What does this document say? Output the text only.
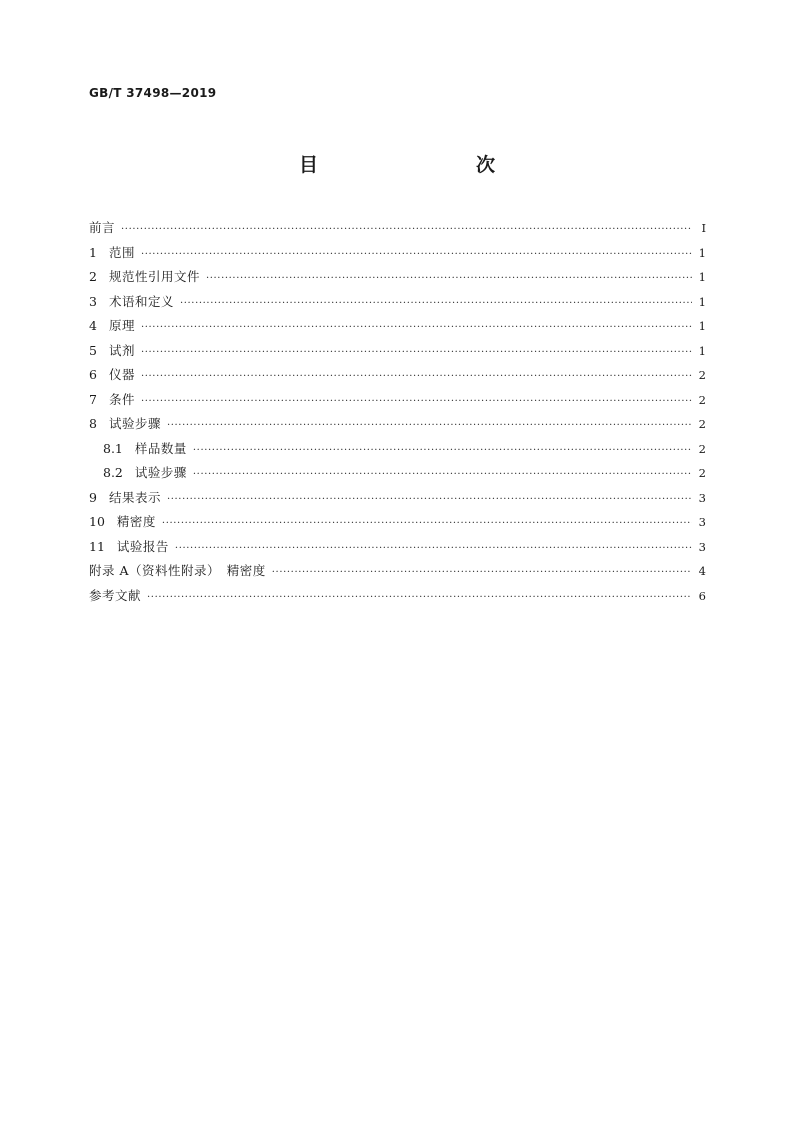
GB/T 37498—2019
目　　次
前言 ·····	Ⅰ
1 范围 ·····	1
2 规范性引用文件 ·····	1
3 术语和定义 ·····	1
4 原理 ·····	1
5 试剂 ·····	1
6 仪器 ·····	2
7 条件 ·····	2
8 试验步骤 ·····	2
8.1 样品数量 ·····	2
8.2 试验步骤 ·····	2
9 结果表示 ·····	3
10 精密度 ·····	3
11 试验报告 ·····	3
附录 A（资料性附录）　精密度 ·····	4
参考文献 ·····	6
